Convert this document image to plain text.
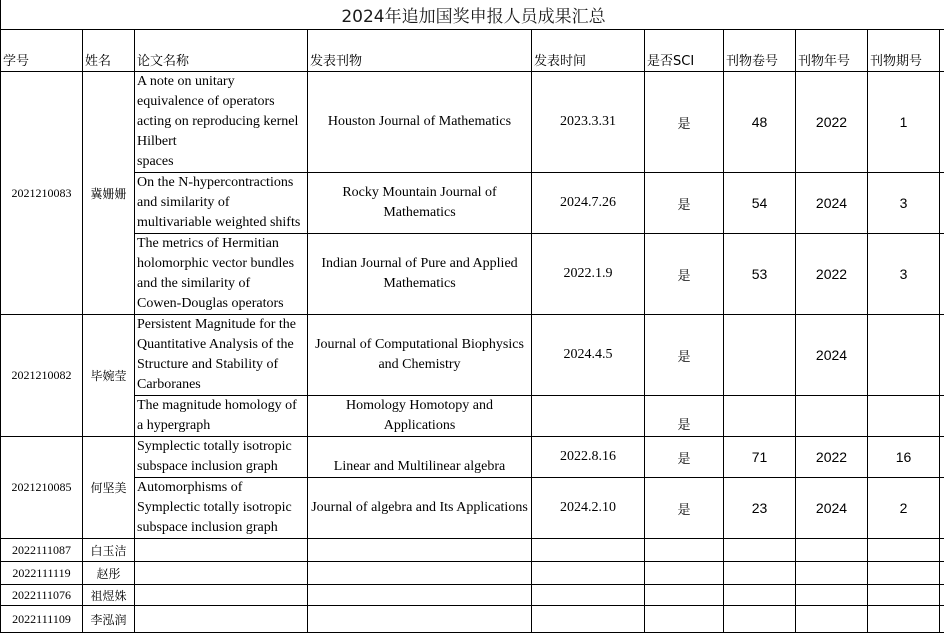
2024年追加国奖申报人员成果汇总									
学号	姓名	论文名称	发表刊物	发表时间	是否SCI	刊物卷号	刊物年号	刊物期号	
2021210083	冀姗姗	A note on unitary
equivalence of operators
acting on reproducing kernel
Hilbert
spaces	Houston Journal of Mathematics	2023.3.31	是	48	2022	1	

		On the N-hypercontractions
and similarity of
multivariable weighted shifts	Rocky Mountain Journal of Mathematics	2024.7.26	是	54	2024	3	

		The metrics of Hermitian
holomorphic vector bundles
and the similarity of
Cowen-Douglas operators	Indian Journal of Pure and Applied Mathematics	2022.1.9	是	53	2022	3	
2021210082	毕婉莹	Persistent Magnitude for the
Quantitative Analysis of the
Structure and Stability of
Carboranes	Journal of Computational Biophysics and Chemistry	2024.4.5	是		2024		

		The magnitude homology of
a hypergraph	Homology Homotopy and Applications		是				
2021210085	何坚美	Symplectic totally isotropic
subspace inclusion graph	Linear and Multilinear algebra	2022.8.16	是	71	2022	16	

		Automorphisms of
Symplectic totally isotropic
subspace inclusion graph	Journal of algebra and Its Applications	2024.2.10	是	23	2024	2	
2022111087	白玉洁								
2022111119	赵彤								
2022111076	祖煜姝								
2022111109	李泓润								
